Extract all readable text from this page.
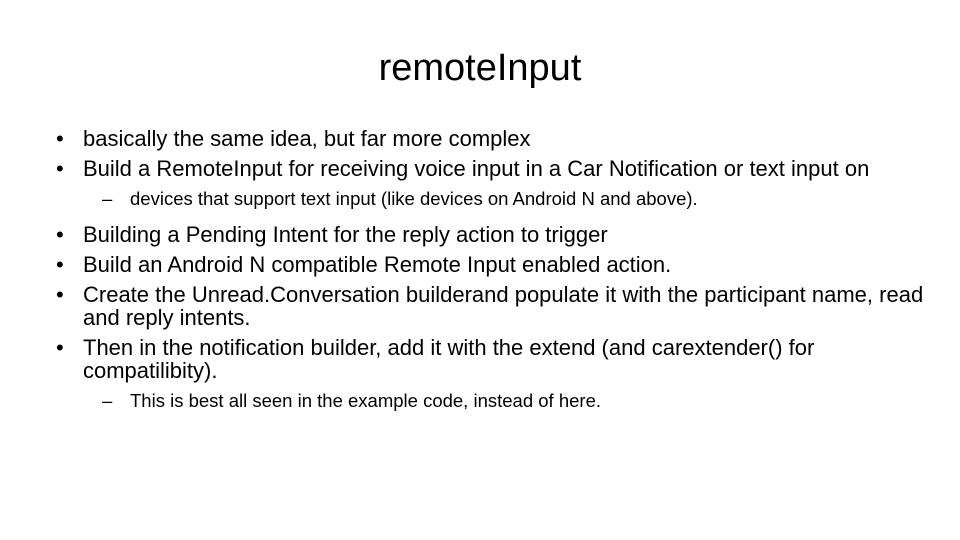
remoteInput
• basically the same idea, but far more complex
• Build a RemoteInput for receiving voice input in a Car Notification or text input on
– devices that support text input (like devices on Android N and above).
• Building a Pending Intent for the reply action to trigger
• Build an Android N compatible Remote Input enabled action.
• Create the Unread.Conversation builderand populate it with the participant name, read and reply intents.
• Then in the notification builder, add it with the extend (and carextender() for compatilibity).
– This is best all seen in the example code, instead of here.
